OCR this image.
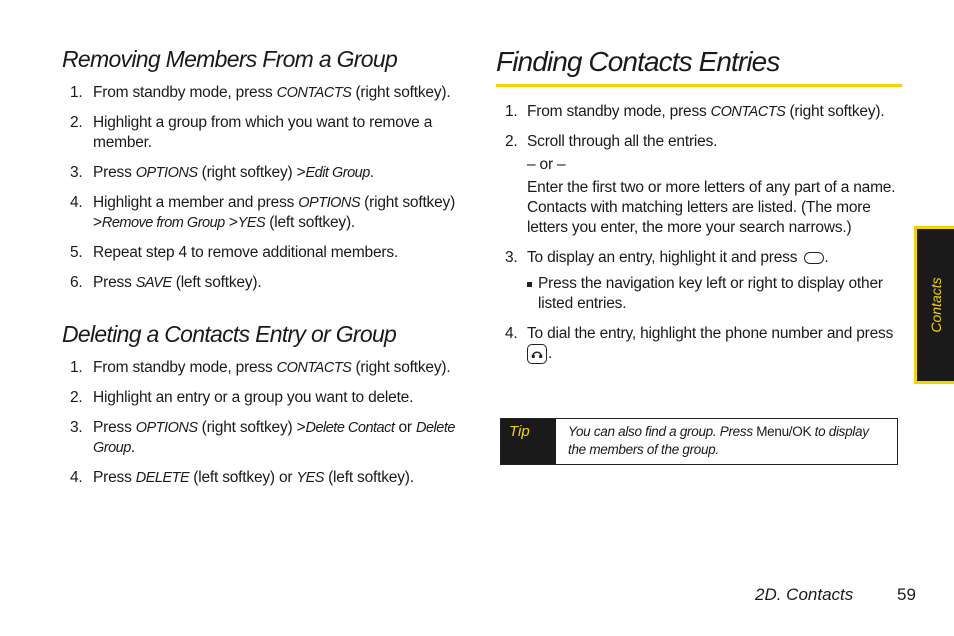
Removing Members From a Group
1. From standby mode, press CONTACTS (right softkey).
2. Highlight a group from which you want to remove a member.
3. Press OPTIONS (right softkey) >Edit Group.
4. Highlight a member and press OPTIONS (right softkey) >Remove from Group >YES (left softkey).
5. Repeat step 4 to remove additional members.
6. Press SAVE (left softkey).
Deleting a Contacts Entry or Group
1. From standby mode, press CONTACTS (right softkey).
2. Highlight an entry or a group you want to delete.
3. Press OPTIONS (right softkey) >Delete Contact or Delete Group.
4. Press DELETE (left softkey) or YES (left softkey).
Finding Contacts Entries
1. From standby mode, press CONTACTS (right softkey).
2. Scroll through all the entries.
– or –
Enter the first two or more letters of any part of a name. Contacts with matching letters are listed. (The more letters you enter, the more your search narrows.)
3. To display an entry, highlight it and press .
Press the navigation key left or right to display other listed entries.
4. To dial the entry, highlight the phone number and press
.
Tip	You can also find a group. Press Menu/OK to display the members of the group.
Contacts
2D. Contacts	59
